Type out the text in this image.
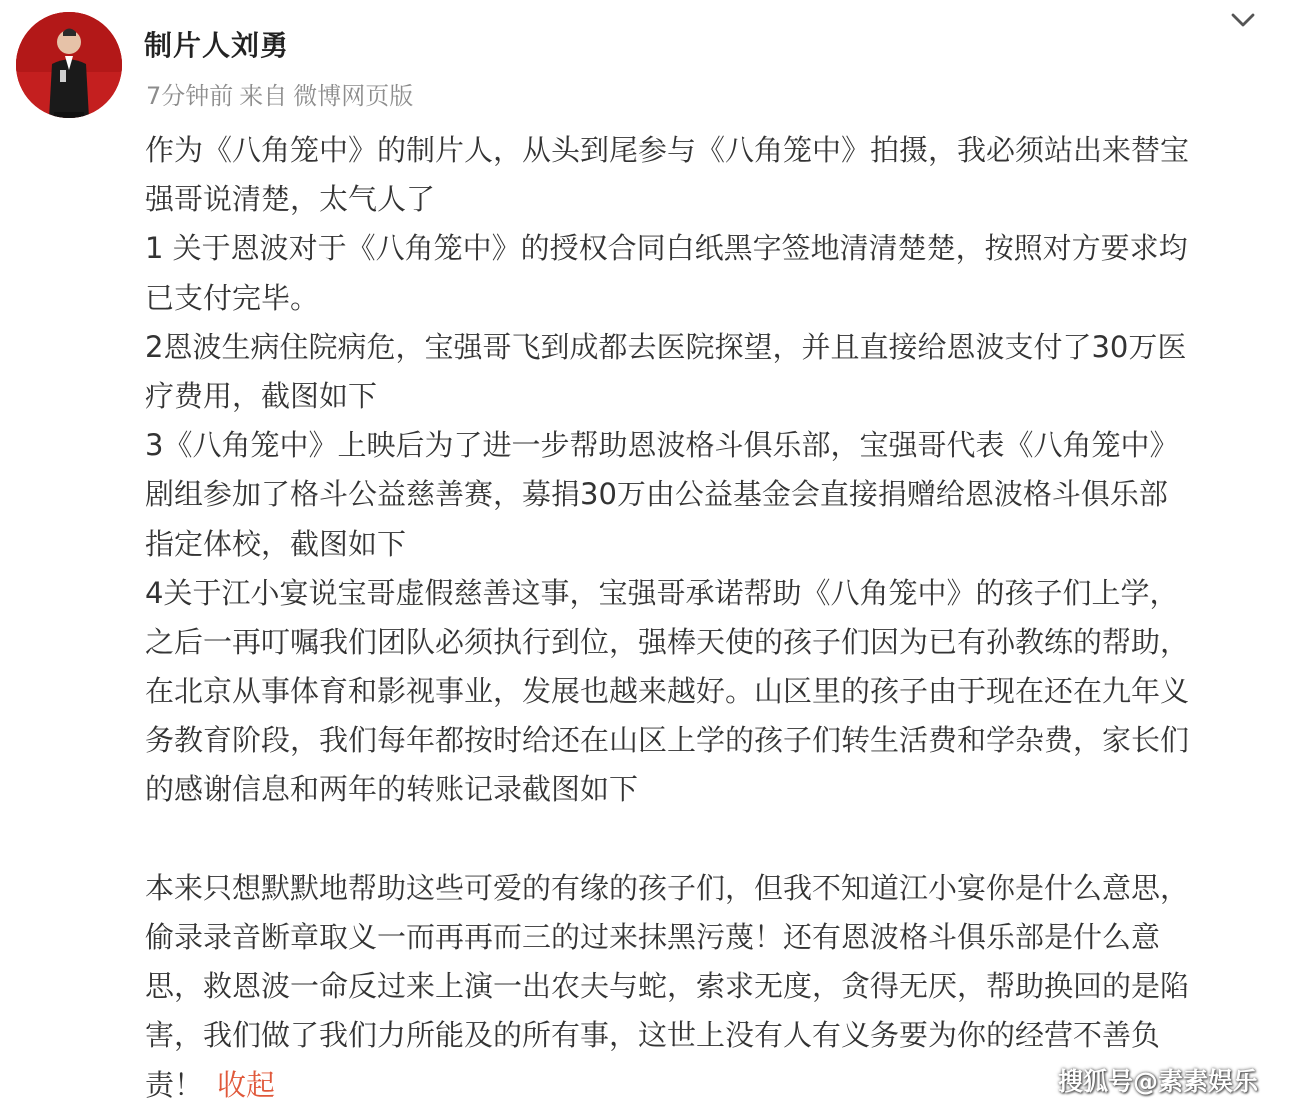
制片人刘勇
7分钟前 来自 微博网页版
作为《八角笼中》的制片人，从头到尾参与《八角笼中》拍摄，我必须站出来替宝
强哥说清楚，太气人了
1 关于恩波对于《八角笼中》的授权合同白纸黑字签地清清楚楚，按照对方要求均
已支付完毕。
2恩波生病住院病危，宝强哥飞到成都去医院探望，并且直接给恩波支付了30万医
疗费用，截图如下
3《八角笼中》上映后为了进一步帮助恩波格斗俱乐部，宝强哥代表《八角笼中》
剧组参加了格斗公益慈善赛，募捐30万由公益基金会直接捐赠给恩波格斗俱乐部
指定体校，截图如下
4关于江小宴说宝哥虚假慈善这事，宝强哥承诺帮助《八角笼中》的孩子们上学，
之后一再叮嘱我们团队必须执行到位，强棒天使的孩子们因为已有孙教练的帮助，
在北京从事体育和影视事业，发展也越来越好。山区里的孩子由于现在还在九年义
务教育阶段，我们每年都按时给还在山区上学的孩子们转生活费和学杂费，家长们
的感谢信息和两年的转账记录截图如下
本来只想默默地帮助这些可爱的有缘的孩子们，但我不知道江小宴你是什么意思，
偷录录音断章取义一而再再而三的过来抹黑污蔑！还有恩波格斗俱乐部是什么意
思，救恩波一命反过来上演一出农夫与蛇，索求无度，贪得无厌，帮助换回的是陷
害，我们做了我们力所能及的所有事，这世上没有人有义务要为你的经营不善负
责！ 收起	搜狐号@素素娱乐
